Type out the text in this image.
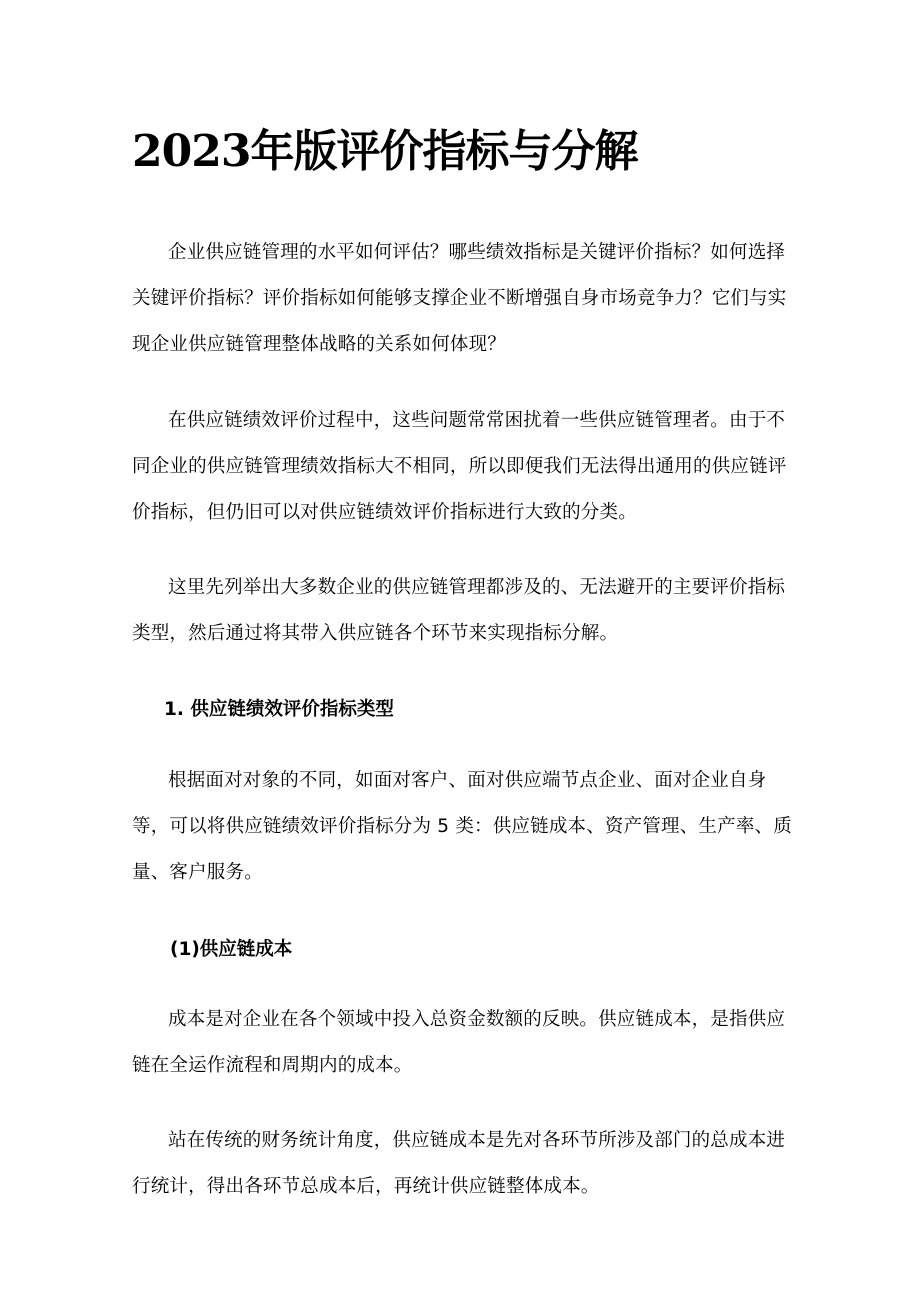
2023年版评价指标与分解

企业供应链管理的水平如何评估？哪些绩效指标是关键评价指标？如何选择关键评价指标？评价指标如何能够支撑企业不断增强自身市场竞争力？它们与实现企业供应链管理整体战略的关系如何体现？

在供应链绩效评价过程中，这些问题常常困扰着一些供应链管理者。由于不同企业的供应链管理绩效指标大不相同，所以即便我们无法得出通用的供应链评价指标，但仍旧可以对供应链绩效评价指标进行大致的分类。

这里先列举出大多数企业的供应链管理都涉及的、无法避开的主要评价指标类型，然后通过将其带入供应链各个环节来实现指标分解。

1. 供应链绩效评价指标类型

根据面对对象的不同，如面对客户、面对供应端节点企业、面对企业自身等，可以将供应链绩效评价指标分为 5 类：供应链成本、资产管理、生产率、质量、客户服务。

(1)供应链成本

成本是对企业在各个领域中投入总资金数额的反映。供应链成本，是指供应链在全运作流程和周期内的成本。

站在传统的财务统计角度，供应链成本是先对各环节所涉及部门的总成本进行统计，得出各环节总成本后，再统计供应链整体成本。
